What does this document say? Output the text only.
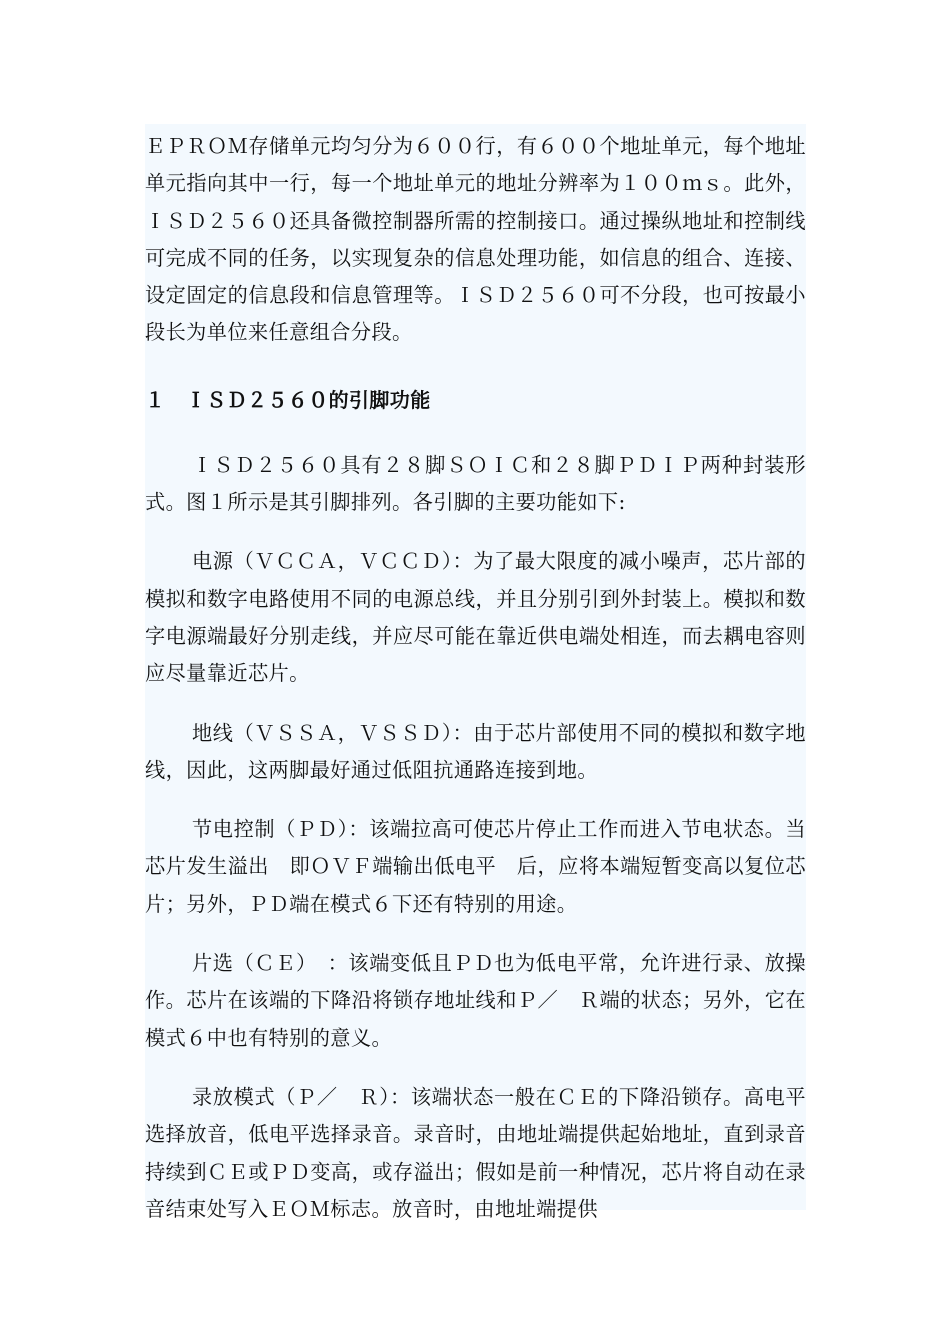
ＥＰＲＯＭ存储单元均匀分为６００行，有６００个地址单元，每个地址单元指向其中一行，每一个地址单元的地址分辨率为１００ｍｓ。此外，ＩＳＤ２５６０还具备微控制器所需的控制接口。通过操纵地址和控制线可完成不同的任务，以实现复杂的信息处理功能，如信息的组合、连接、设定固定的信息段和信息管理等。ＩＳＤ２５６０可不分段，也可按最小段长为单位来任意组合分段。

１　ＩＳＤ２５６０的引脚功能

ＩＳＤ２５６０具有２８脚ＳＯＩＣ和２８脚ＰＤＩＰ两种封装形式。图１所示是其引脚排列。各引脚的主要功能如下:

电源（ＶＣＣＡ，ＶＣＣＤ）：为了最大限度的减小噪声，芯片部的模拟和数字电路使用不同的电源总线，并且分别引到外封装上。模拟和数字电源端最好分别走线，并应尽可能在靠近供电端处相连，而去耦电容则应尽量靠近芯片。

地线（ＶＳＳＡ，ＶＳＳＤ）：由于芯片部使用不同的模拟和数字地线，因此，这两脚最好通过低阻抗通路连接到地。

节电控制（ＰＤ）：该端拉高可使芯片停止工作而进入节电状态。当芯片发生溢出　即ＯＶＦ端输出低电平　后，应将本端短暂变高以复位芯片；另外，ＰＤ端在模式６下还有特别的用途。

片选（ＣＥ）　：该端变低且ＰＤ也为低电平常，允许进行录、放操作。芯片在该端的下降沿将锁存地址线和Ｐ／　Ｒ端的状态；另外，它在模式６中也有特别的意义。

录放模式（Ｐ／　Ｒ）：该端状态一般在ＣＥ的下降沿锁存。高电平选择放音，低电平选择录音。录音时，由地址端提供起始地址，直到录音持续到ＣＥ或ＰＤ变高，或存溢出；假如是前一种情况，芯片将自动在录音结束处写入ＥＯＭ标志。放音时，由地址端提供
